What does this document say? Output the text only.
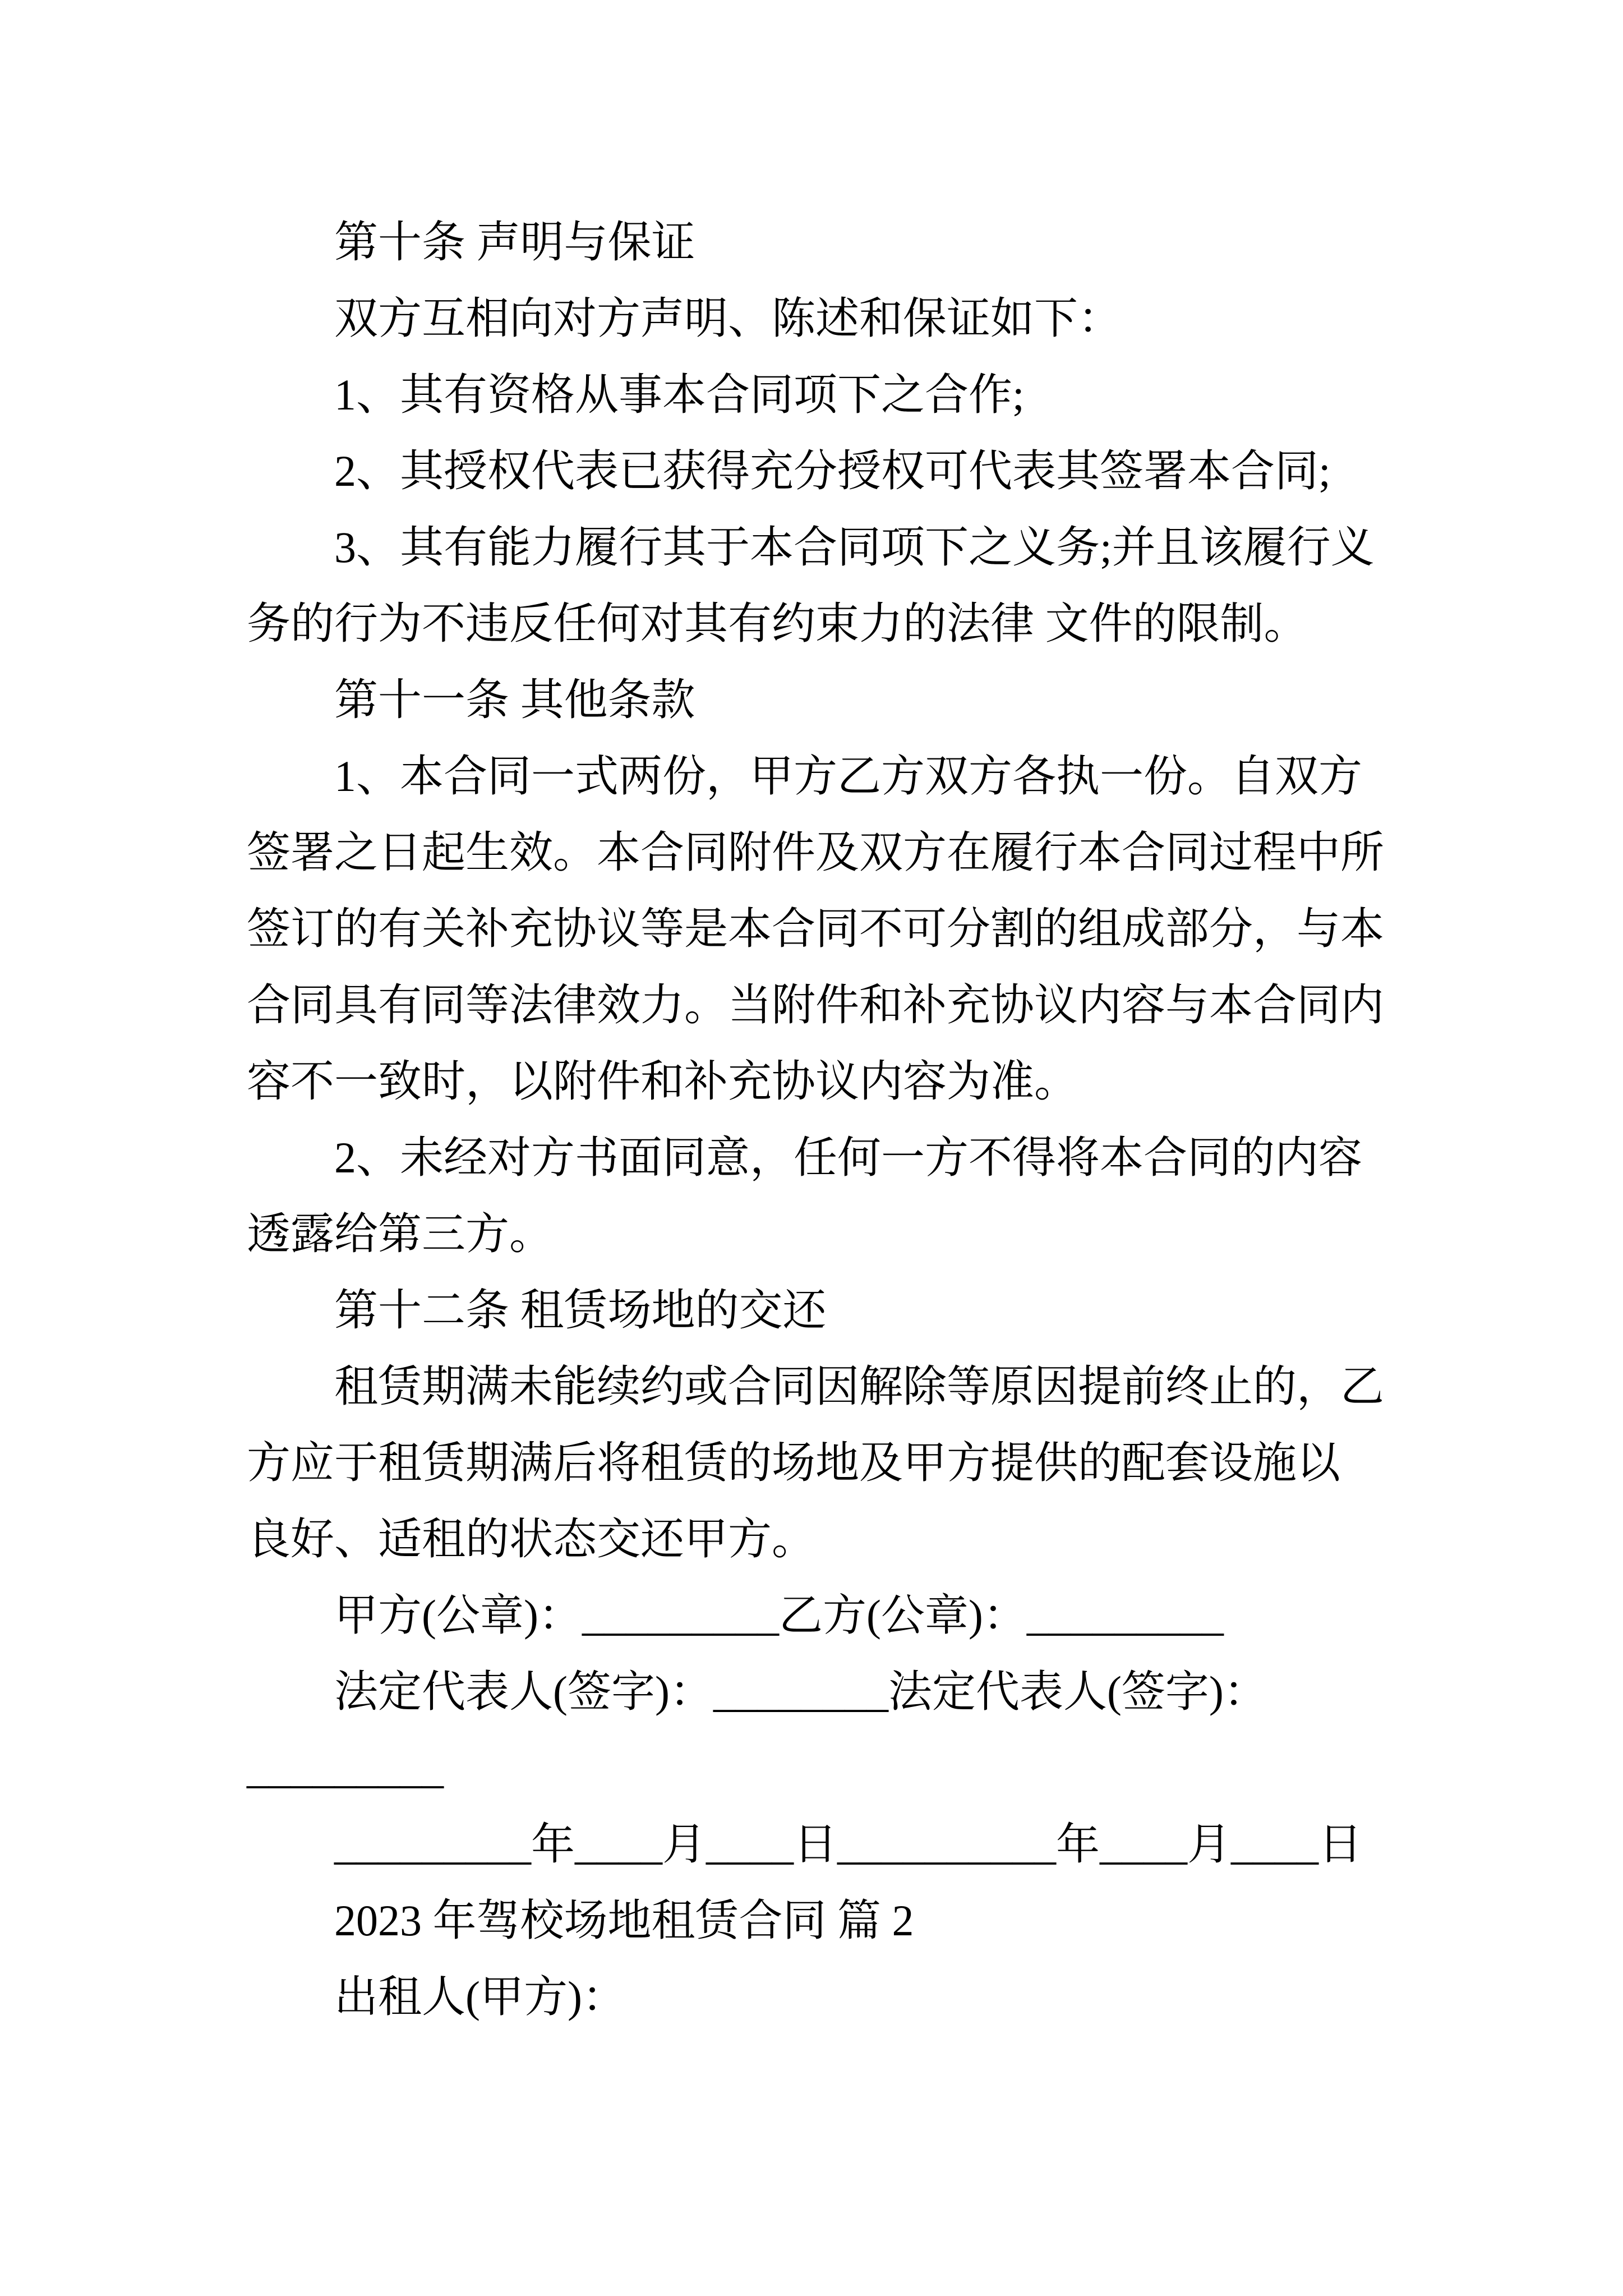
第十条 声明与保证
双方互相向对方声明、陈述和保证如下：
1、其有资格从事本合同项下之合作;
2、其授权代表已获得充分授权可代表其签署本合同;
3、其有能力履行其于本合同项下之义务;并且该履行义
务的行为不违反任何对其有约束力的法律 文件的限制。
第十一条 其他条款
1、本合同一式两份，甲方乙方双方各执一份。自双方
签署之日起生效。本合同附件及双方在履行本合同过程中所
签订的有关补充协议等是本合同不可分割的组成部分，与本
合同具有同等法律效力。当附件和补充协议内容与本合同内
容不一致时，以附件和补充协议内容为准。
2、未经对方书面同意，任何一方不得将本合同的内容
透露给第三方。
第十二条 租赁场地的交还
租赁期满未能续约或合同因解除等原因提前终止的，乙
方应于租赁期满后将租赁的场地及甲方提供的配套设施以
良好、适租的状态交还甲方。
甲方(公章)：_________乙方(公章)：_________
法定代表人(签字)：________法定代表人(签字)：
_________
_________年____月____日__________年____月____日
2023 年驾校场地租赁合同 篇 2
出租人(甲方)：
